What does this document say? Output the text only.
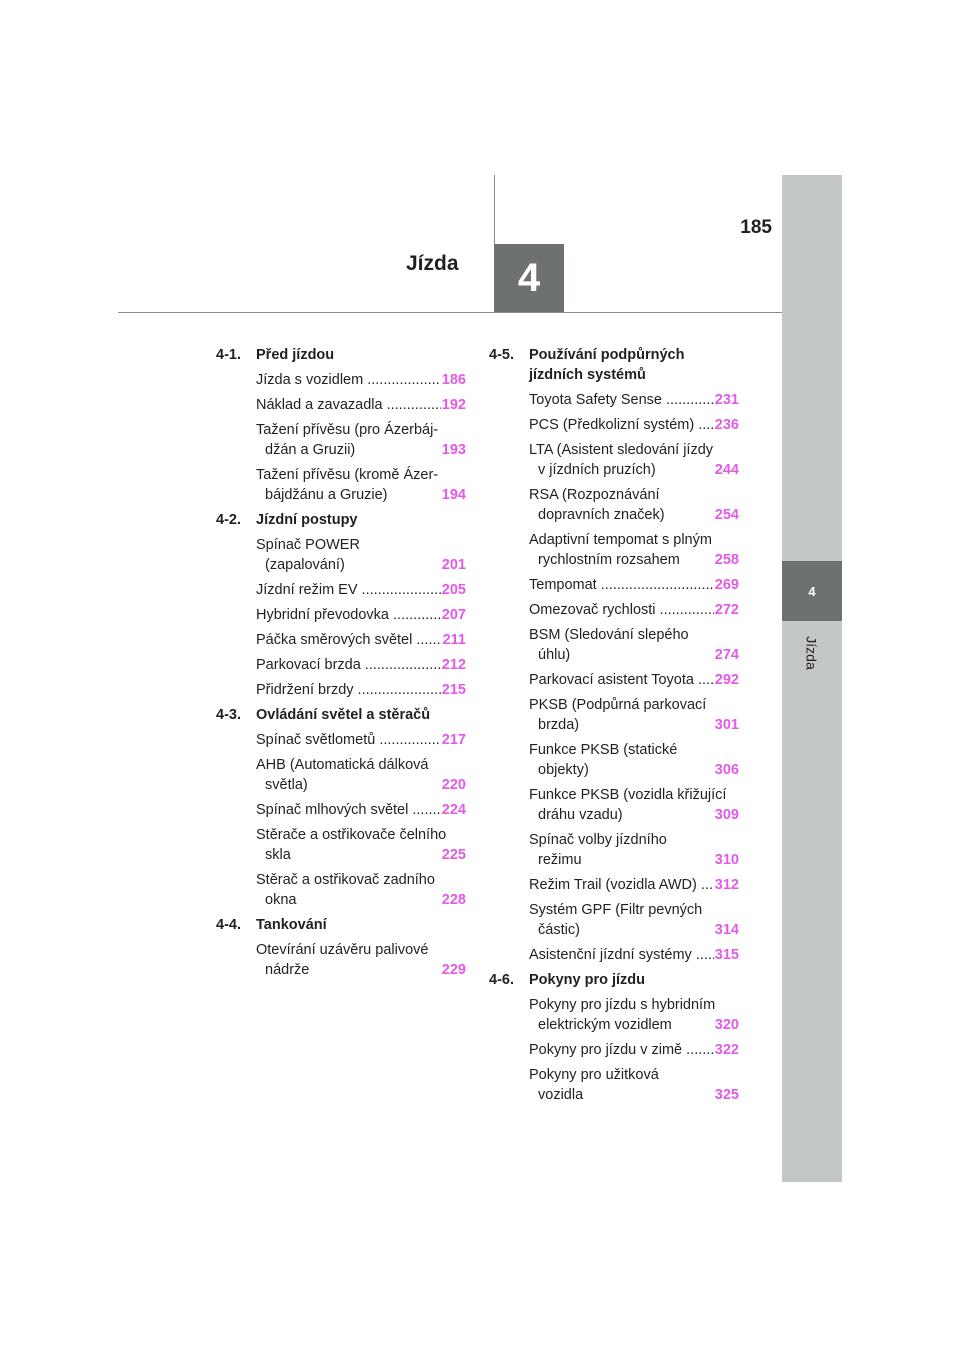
4
Jízda
185
4
Jízda
4-1.	Před jízdou
Jízda s vozidlem .....	186
Náklad a zavazadla .....	192
Tažení přívěsu (pro Ázerbáj-
džán a Gruzii)	193
Tažení přívěsu (kromě Ázer-
bájdžánu a Gruzie)	194
4-2.	Jízdní postupy
Spínač POWER
(zapalování)	201
Jízdní režim EV .....	205
Hybridní převodovka .....	207
Páčka směrových světel .....	211
Parkovací brzda .....	212
Přidržení brzdy .....	215
4-3.	Ovládání světel a stěračů
Spínač světlometů .....	217
AHB (Automatická dálková
světla)	220
Spínač mlhových světel .....	224
Stěrače a ostřikovače čelního
skla	225
Stěrač a ostřikovač zadního
okna	228
4-4.	Tankování
Otevírání uzávěru palivové
nádrže	229
4-5.	Používání podpůrných jízdních systémů
Toyota Safety Sense .....	231
PCS (Předkolizní systém) .....	236
LTA (Asistent sledování jízdy
v jízdních pruzích)	244
RSA (Rozpoznávání
dopravních značek)	254
Adaptivní tempomat s plným
rychlostním rozsahem	258
Tempomat .....	269
Omezovač rychlosti .....	272
BSM (Sledování slepého
úhlu)	274
Parkovací asistent Toyota .....	292
PKSB (Podpůrná parkovací
brzda)	301
Funkce PKSB (statické
objekty)	306
Funkce PKSB (vozidla křižující
dráhu vzadu)	309
Spínač volby jízdního
režimu	310
Režim Trail (vozidla AWD) .....	312
Systém GPF (Filtr pevných
částic)	314
Asistenční jízdní systémy .....	315
4-6.	Pokyny pro jízdu
Pokyny pro jízdu s hybridním
elektrickým vozidlem	320
Pokyny pro jízdu v zimě .....	322
Pokyny pro užitková
vozidla	325
